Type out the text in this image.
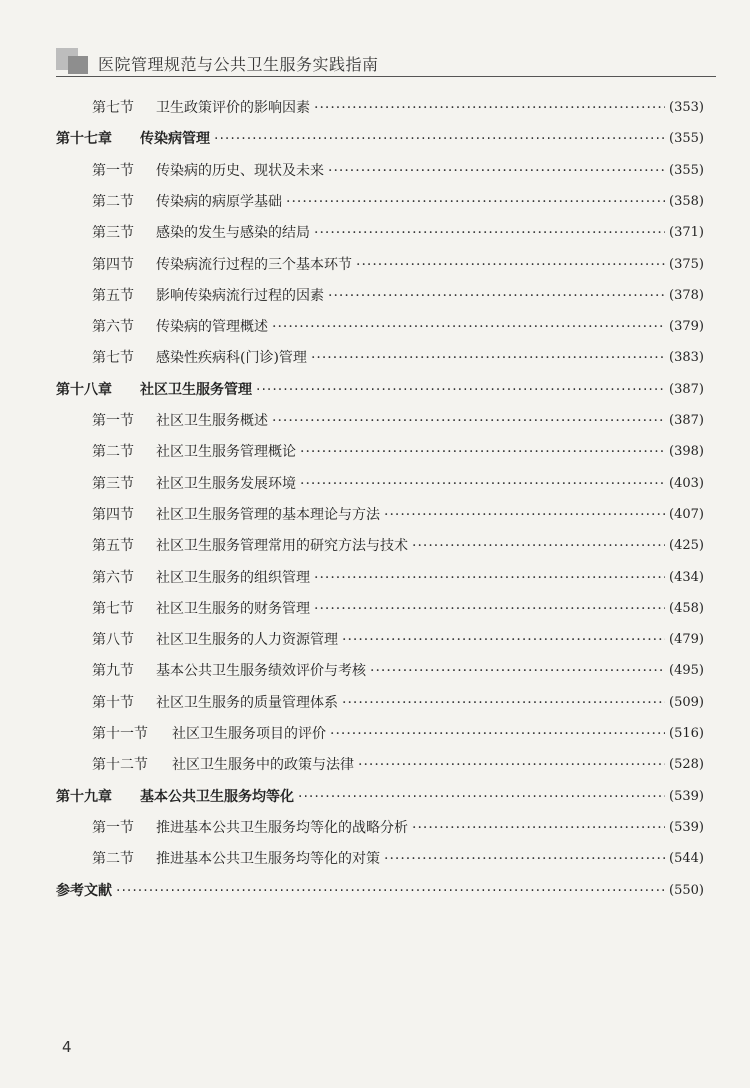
医院管理规范与公共卫生服务实践指南
第七节	卫生政策评价的影响因素 ·····	(353)
第十七章	传染病管理 ·····	(355)
第一节	传染病的历史、现状及未来 ·····	(355)
第二节	传染病的病原学基础 ·····	(358)
第三节	感染的发生与感染的结局 ·····	(371)
第四节	传染病流行过程的三个基本环节 ·····	(375)
第五节	影响传染病流行过程的因素 ·····	(378)
第六节	传染病的管理概述 ·····	(379)
第七节	感染性疾病科(门诊)管理 ·····	(383)
第十八章	社区卫生服务管理 ·····	(387)
第一节	社区卫生服务概述 ·····	(387)
第二节	社区卫生服务管理概论 ·····	(398)
第三节	社区卫生服务发展环境 ·····	(403)
第四节	社区卫生服务管理的基本理论与方法 ·····	(407)
第五节	社区卫生服务管理常用的研究方法与技术 ·····	(425)
第六节	社区卫生服务的组织管理 ·····	(434)
第七节	社区卫生服务的财务管理 ·····	(458)
第八节	社区卫生服务的人力资源管理 ·····	(479)
第九节	基本公共卫生服务绩效评价与考核 ·····	(495)
第十节	社区卫生服务的质量管理体系 ·····	(509)
第十一节	社区卫生服务项目的评价 ·····	(516)
第十二节	社区卫生服务中的政策与法律 ·····	(528)
第十九章	基本公共卫生服务均等化 ·····	(539)
第一节	推进基本公共卫生服务均等化的战略分析 ·····	(539)
第二节	推进基本公共卫生服务均等化的对策 ·····	(544)
参考文献 ·····	(550)
4
